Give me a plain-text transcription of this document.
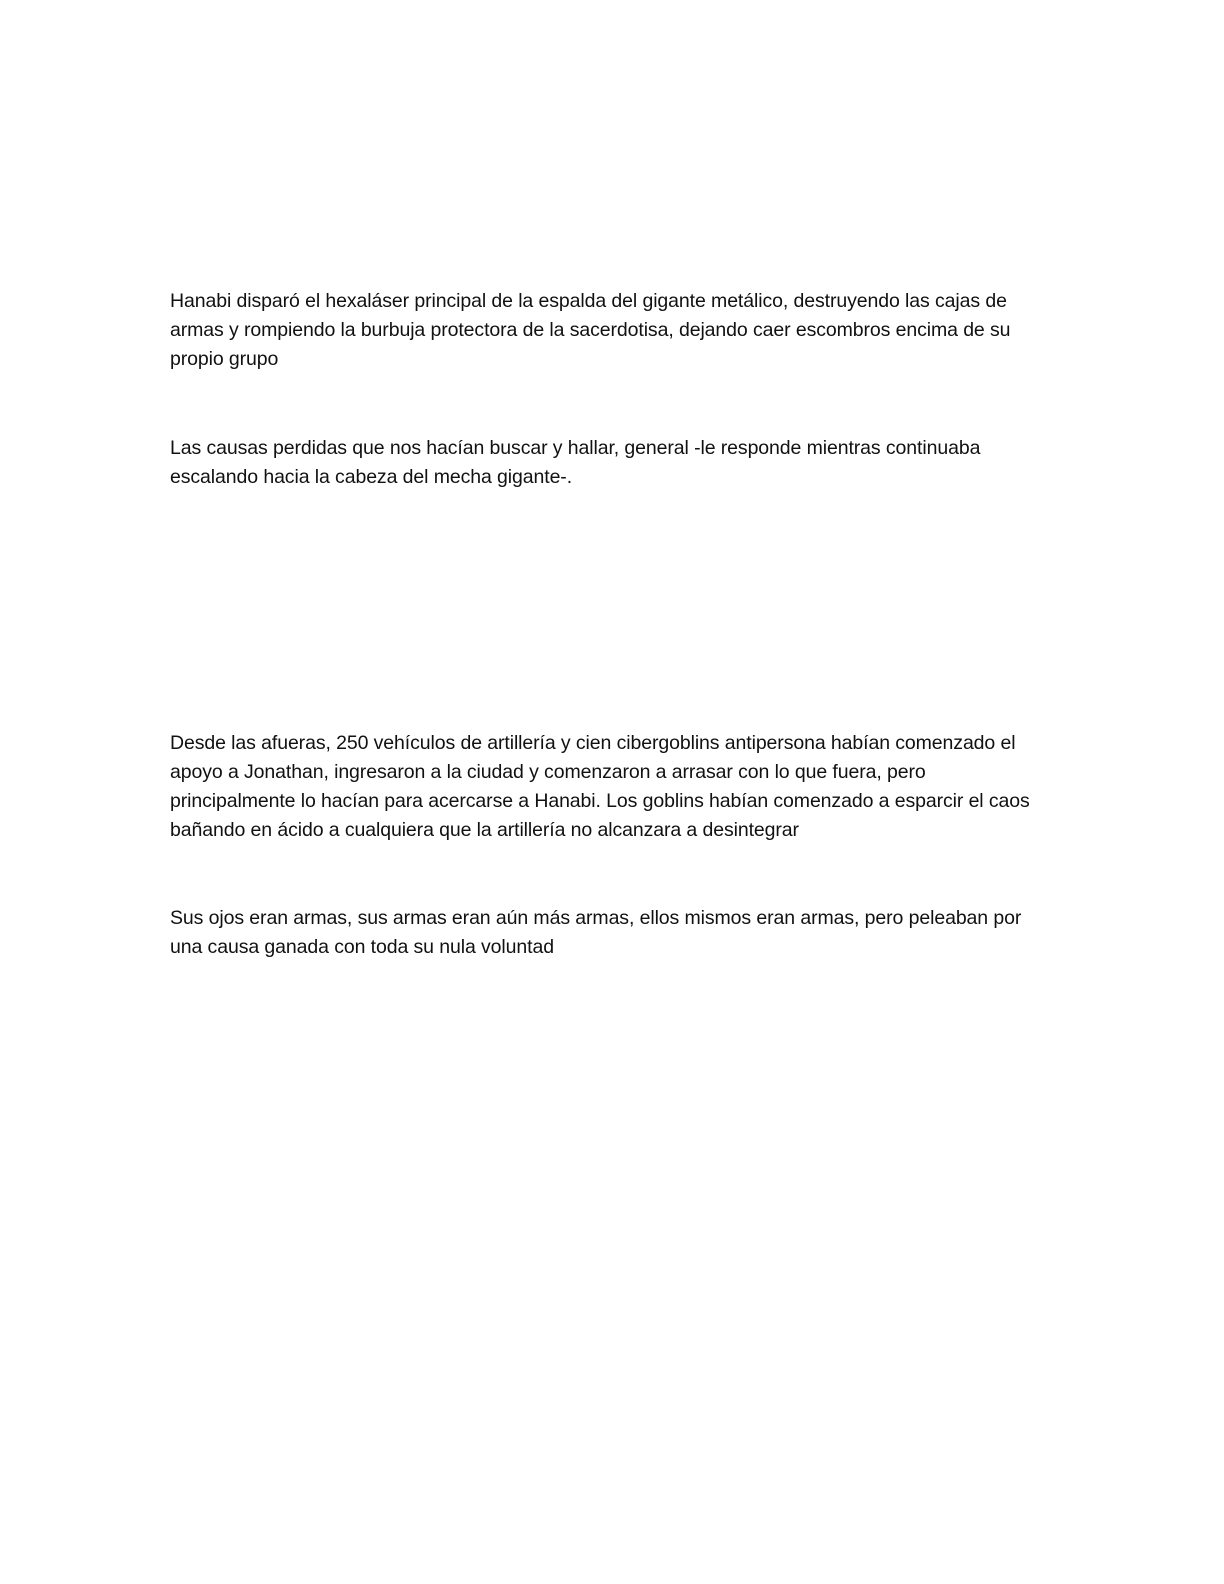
Hanabi disparó el hexaláser principal de la espalda del gigante metálico, destruyendo las cajas de armas y rompiendo la burbuja protectora de la sacerdotisa, dejando caer escombros encima de su propio grupo

Las causas perdidas que nos hacían buscar y hallar, general -le responde mientras continuaba escalando hacia la cabeza del mecha gigante-.

Desde las afueras, 250 vehículos de artillería y cien cibergoblins antipersona habían comenzado el apoyo a Jonathan, ingresaron a la ciudad y comenzaron a arrasar con lo que fuera, pero principalmente lo hacían para acercarse a Hanabi. Los goblins habían comenzado a esparcir el caos bañando en ácido a cualquiera que la artillería no alcanzara a desintegrar

Sus ojos eran armas, sus armas eran aún más armas, ellos mismos eran armas, pero peleaban por una causa ganada con toda su nula voluntad
